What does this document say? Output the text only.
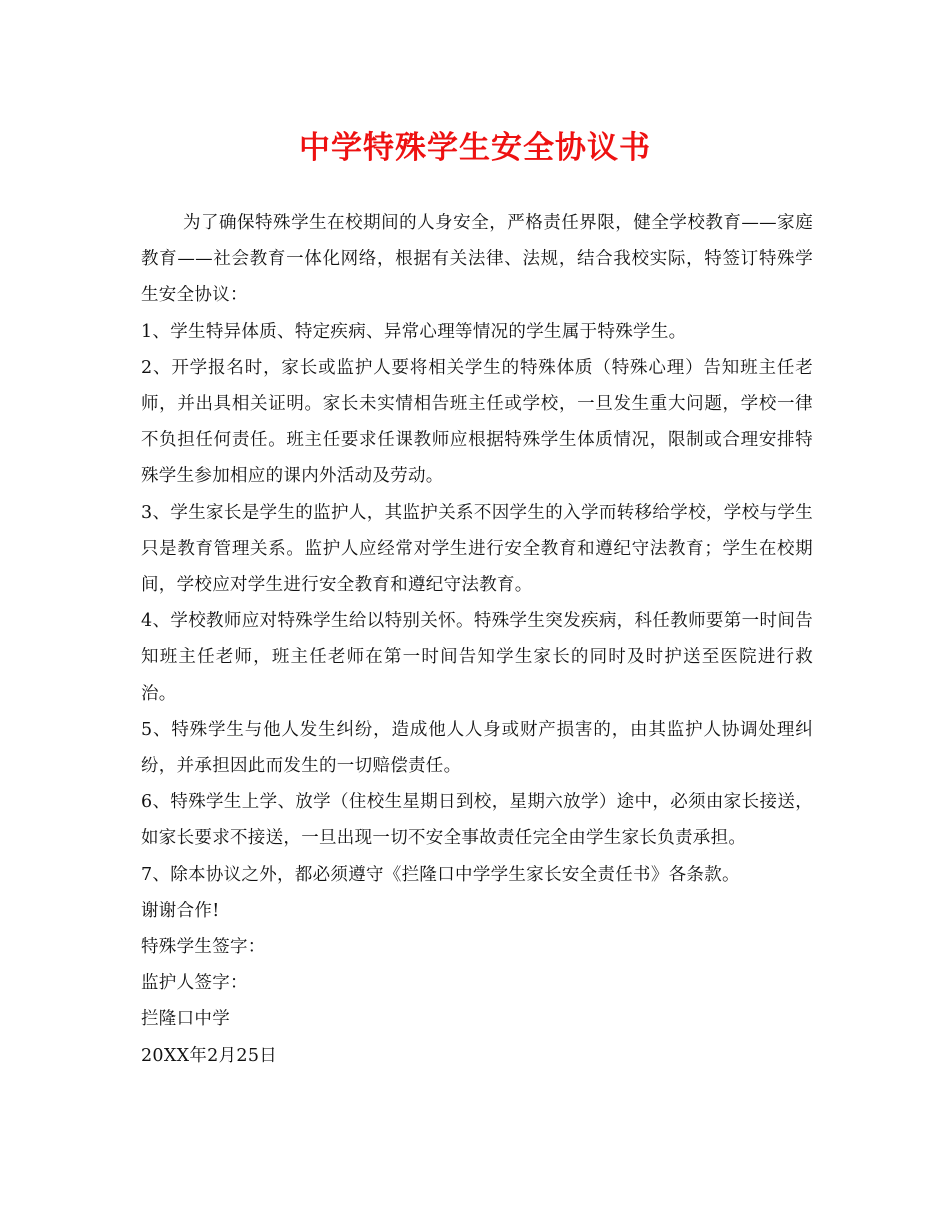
中学特殊学生安全协议书

为了确保特殊学生在校期间的人身安全，严格责任界限，健全学校教育——家庭教育——社会教育一体化网络，根据有关法律、法规，结合我校实际，特签订特殊学生安全协议：

1、学生特异体质、特定疾病、异常心理等情况的学生属于特殊学生。

2、开学报名时，家长或监护人要将相关学生的特殊体质（特殊心理）告知班主任老师，并出具相关证明。家长未实情相告班主任或学校，一旦发生重大问题，学校一律不负担任何责任。班主任要求任课教师应根据特殊学生体质情况，限制或合理安排特殊学生参加相应的课内外活动及劳动。

3、学生家长是学生的监护人，其监护关系不因学生的入学而转移给学校，学校与学生只是教育管理关系。监护人应经常对学生进行安全教育和遵纪守法教育；学生在校期间，学校应对学生进行安全教育和遵纪守法教育。

4、学校教师应对特殊学生给以特别关怀。特殊学生突发疾病，科任教师要第一时间告知班主任老师，班主任老师在第一时间告知学生家长的同时及时护送至医院进行救治。

5、特殊学生与他人发生纠纷，造成他人人身或财产损害的，由其监护人协调处理纠纷，并承担因此而发生的一切赔偿责任。

6、特殊学生上学、放学（住校生星期日到校，星期六放学）途中，必须由家长接送，如家长要求不接送，一旦出现一切不安全事故责任完全由学生家长负责承担。

7、除本协议之外，都必须遵守《拦隆口中学学生家长安全责任书》各条款。

谢谢合作!

特殊学生签字：

监护人签字：

拦隆口中学

20XX年2月25日
